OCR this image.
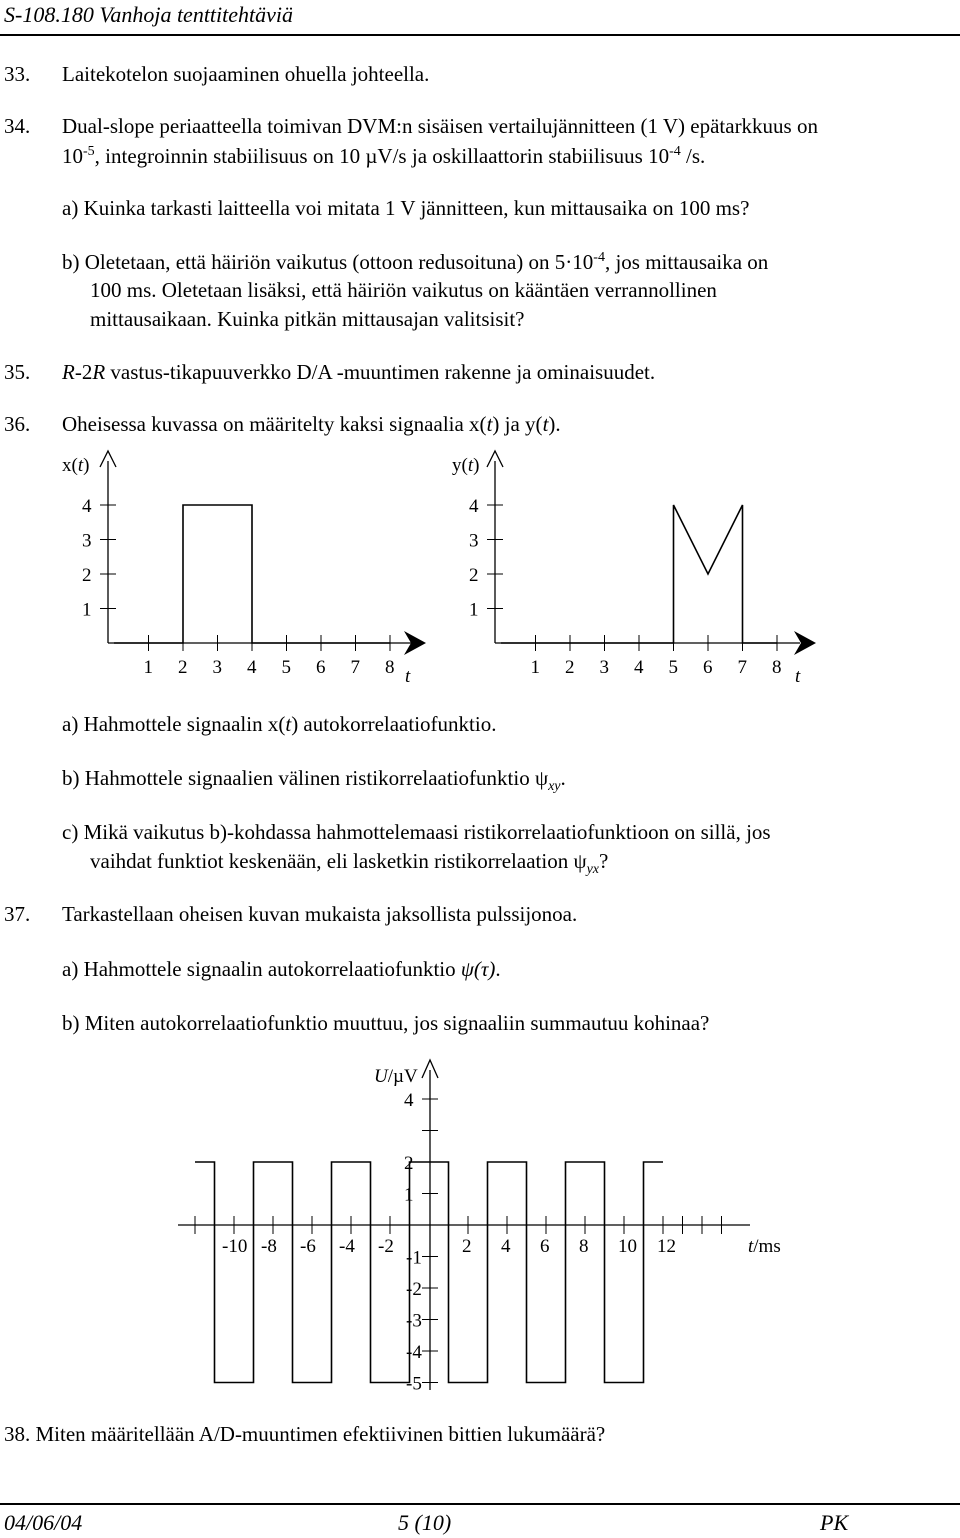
S-108.180 Vanhoja tenttitehtäviä
33. Laitekotelon suojaaminen ohuella johteella.
34. Dual-slope periaatteella toimivan DVM:n sisäisen vertailujännitteen (1 V) epätarkkuus on
$10^{-5}$, integroinnin stabiilisuus on 10 µV/s ja oskillaattorin stabiilisuus $10^{-4}$ /s.
a) Kuinka tarkasti laitteella voi mitata 1 V jännitteen, kun mittausaika on 100 ms?
b) Oletetaan, että häiriön vaikutus (ottoon redusoituna) on $5\cdot 10^{-4}$, jos mittausaika on
100 ms. Oletetaan lisäksi, että häiriön vaikutus on kääntäen verrannollinen
mittausaikaan. Kuinka pitkän mittausajan valitsisit?
35. R-2R vastus-tikapuuverkko D/A -muuntimen rakenne ja ominaisuudet.
36. Oheisessa kuvassa on määritelty kaksi signaalia x(t) ja y(t).
x(t)
t
1
2
3
4
1 2 3 4 5 6 7 8
y(t)
t
1
2
3
4
1 2 3 4 5 6 7 8
a) Hahmottele signaalin x(t) autokorrelaatiofunktio.
b) Hahmottele signaalien välinen ristikorrelaatiofunktio $\psi_{xy}$.
c) Mikä vaikutus b)-kohdassa hahmottelemaasi ristikorrelaatiofunktioon on sillä, jos
vaihdat funktiot keskenään, eli lasketkin ristikorrelaation $\psi_{yx}$?
37. Tarkastellaan oheisen kuvan mukaista jaksollista pulssijonoa.
a) Hahmottele signaalin autokorrelaatiofunktio ψ(τ).
b) Miten autokorrelaatiofunktio muuttuu, jos signaaliin summautuu kohinaa?
U/µV
t/ms
-10 -8 -6 -4 -2	2 4 6 8 10 12
1
2
4
-1
-2
-3
-4
-5
38. Miten määritellään A/D-muuntimen efektiivinen bittien lukumäärä?
04/06/04	5 (10)	PK
